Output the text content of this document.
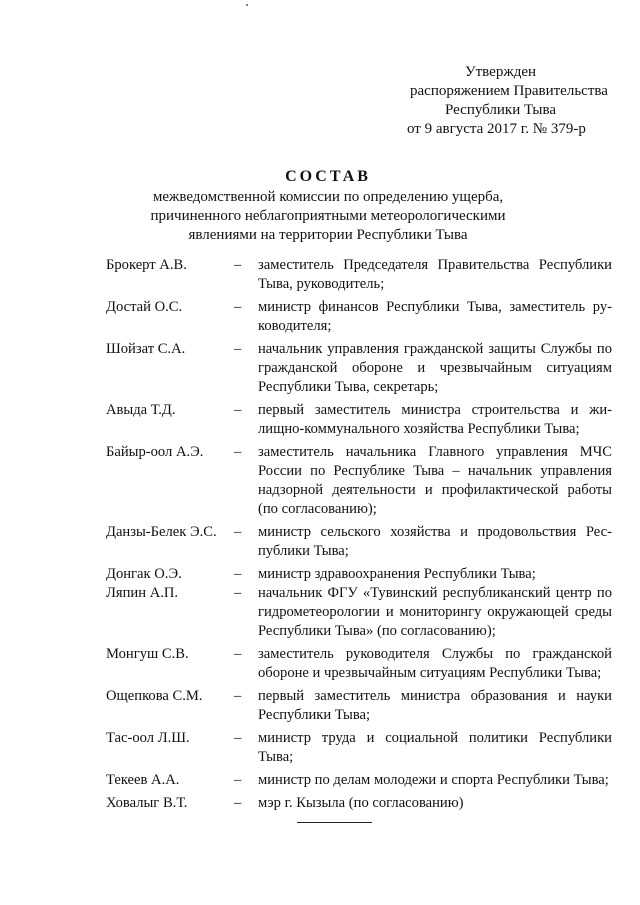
Утвержден
распоряжением Правительства
Республики Тыва
от 9 августа 2017 г. № 379-р
СОСТАВ
межведомственной комиссии по определению ущерба,
причиненного неблагоприятными метеорологическими
явлениями на территории Республики Тыва
Брокерт А.В.	–	заместитель Председателя Правительства Республики Тыва, руководитель;
Достай О.С.	–	министр финансов Республики Тыва, заместитель руководителя;
Шойзат С.А.	–	начальник управления гражданской защиты Службы по гражданской обороне и чрезвычайным ситуациям Республики Тыва, секретарь;
Авыда Т.Д.	–	первый заместитель министра строительства и жилищно-коммунального хозяйства Республики Тыва;
Байыр-оол А.Э.	–	заместитель начальника Главного управления МЧС России по Республике Тыва – начальник управления надзорной деятельности и профилактической работы (по согласованию);
Данзы-Белек Э.С.	–	министр сельского хозяйства и продовольствия Республики Тыва;
Донгак О.Э.	–	министр здравоохранения Республики Тыва;
Ляпин А.П.	–	начальник ФГУ «Тувинский республиканский центр по гидрометеорологии и мониторингу окружающей среды Республики Тыва» (по согласованию);
Монгуш С.В.	–	заместитель руководителя Службы по гражданской обороне и чрезвычайным ситуациям Республики Тыва;
Ощепкова С.М.	–	первый заместитель министра образования и науки Республики Тыва;
Тас-оол Л.Ш.	–	министр труда и социальной политики Республики Тыва;
Текеев А.А.	–	министр по делам молодежи и спорта Республики Тыва;
Ховалыг В.Т.	–	мэр г. Кызыла (по согласованию)
